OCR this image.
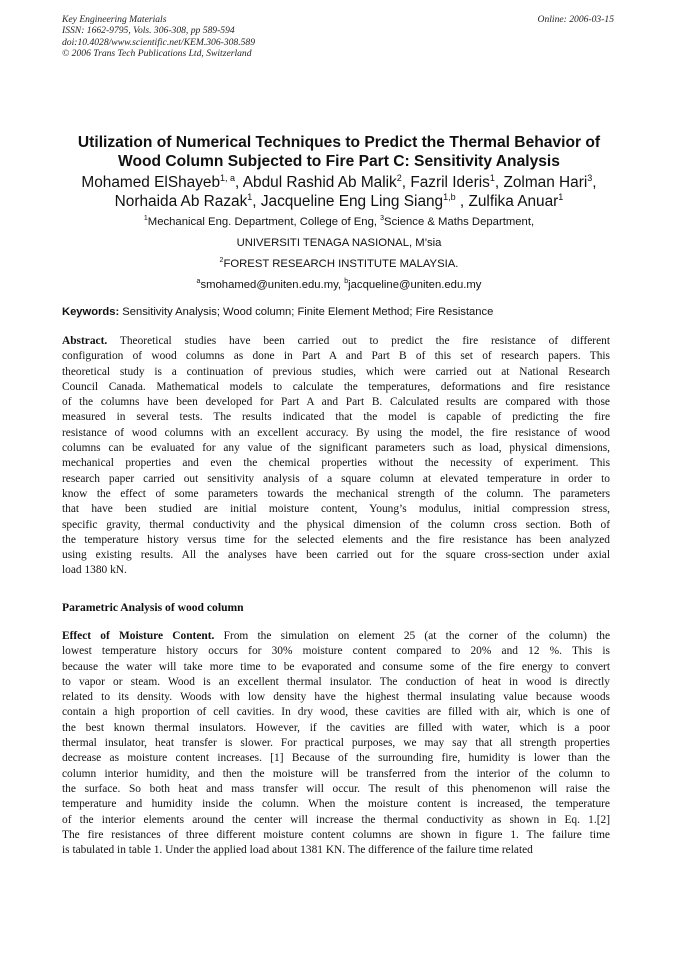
Key Engineering Materials
ISSN: 1662-9795, Vols. 306-308, pp 589-594
doi:10.4028/www.scientific.net/KEM.306-308.589
© 2006 Trans Tech Publications Ltd, Switzerland
Online: 2006-03-15
Utilization of Numerical Techniques to Predict the Thermal Behavior of
Wood Column Subjected to Fire Part C: Sensitivity Analysis
Mohamed ElShayeb$^{1, a}$, Abdul Rashid Ab Malik$^2$, Fazril Ideris$^1$, Zolman Hari$^3$,
Norhaida Ab Razak$^1$, Jacqueline Eng Ling Siang$^{1,b}$ , Zulfika Anuar$^1$
$^1$Mechanical Eng. Department, College of Eng, $^3$Science & Maths Department,
UNIVERSITI TENAGA NASIONAL, M’sia
$^2$FOREST RESEARCH INSTITUTE MALAYSIA.
$^a$smohamed@uniten.edu.my, $^b$jacqueline@uniten.edu.my
Keywords: Sensitivity Analysis; Wood column; Finite Element Method; Fire Resistance
Abstract. Theoretical studies have been carried out to predict the fire resistance of different
configuration of wood columns as done in Part A and Part B of this set of research papers. This
theoretical study is a continuation of previous studies, which were carried out at National Research
Council Canada. Mathematical models to calculate the temperatures, deformations and fire resistance
of the columns have been developed for Part A and Part B. Calculated results are compared with those
measured in several tests. The results indicated that the model is capable of predicting the fire
resistance of wood columns with an excellent accuracy. By using the model, the fire resistance of wood
columns can be evaluated for any value of the significant parameters such as load, physical dimensions,
mechanical properties and even the chemical properties without the necessity of experiment. This
research paper carried out sensitivity analysis of a square column at elevated temperature in order to
know the effect of some parameters towards the mechanical strength of the column. The parameters
that have been studied are initial moisture content, Young’s modulus, initial compression stress,
specific gravity, thermal conductivity and the physical dimension of the column cross section. Both of
the temperature history versus time for the selected elements and the fire resistance has been analyzed
using existing results. All the analyses have been carried out for the square cross-section under axial
load 1380 kN.
Parametric Analysis of wood column
Effect of Moisture Content. From the simulation on element 25 (at the corner of the column) the
lowest temperature history occurs for 30% moisture content compared to 20% and 12 %. This is
because the water will take more time to be evaporated and consume some of the fire energy to convert
to vapor or steam. Wood is an excellent thermal insulator. The conduction of heat in wood is directly
related to its density. Woods with low density have the highest thermal insulating value because woods
contain a high proportion of cell cavities. In dry wood, these cavities are filled with air, which is one of
the best known thermal insulators. However, if the cavities are filled with water, which is a poor
thermal insulator, heat transfer is slower. For practical purposes, we may say that all strength properties
decrease as moisture content increases. [1] Because of the surrounding fire, humidity is lower than the
column interior humidity, and then the moisture will be transferred from the interior of the column to
the surface. So both heat and mass transfer will occur. The result of this phenomenon will raise the
temperature and humidity inside the column. When the moisture content is increased, the temperature
of the interior elements around the center will increase the thermal conductivity as shown in Eq. 1.[2]
The fire resistances of three different moisture content columns are shown in figure 1. The failure time
is tabulated in table 1. Under the applied load about 1381 KN. The difference of the failure time related
